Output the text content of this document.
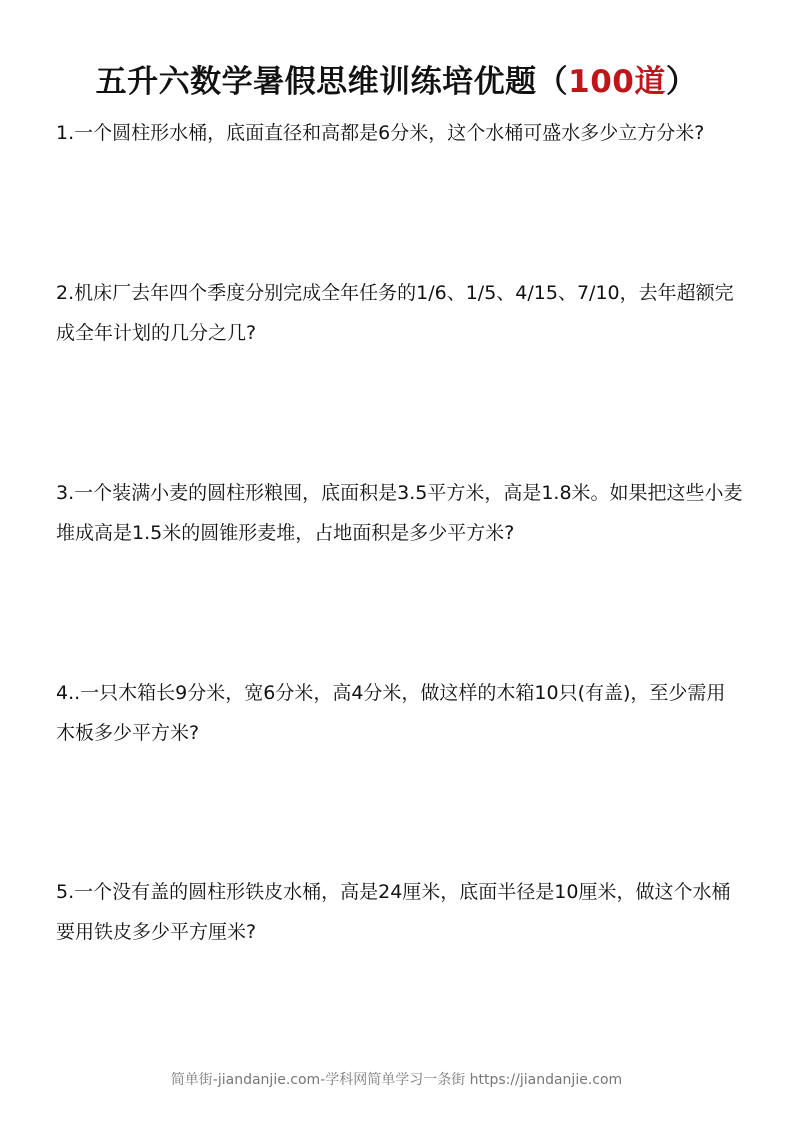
五升六数学暑假思维训练培优题（100道）
1.一个圆柱形水桶，底面直径和高都是6分米，这个水桶可盛水多少立方分米?
2.机床厂去年四个季度分别完成全年任务的1/6、1/5、4/15、7/10，去年超额完成全年计划的几分之几?
3.一个装满小麦的圆柱形粮囤，底面积是3.5平方米，高是1.8米。如果把这些小麦堆成高是1.5米的圆锥形麦堆，占地面积是多少平方米?
4..一只木箱长9分米，宽6分米，高4分米，做这样的木箱10只(有盖)，至少需用木板多少平方米?
5.一个没有盖的圆柱形铁皮水桶，高是24厘米，底面半径是10厘米，做这个水桶要用铁皮多少平方厘米?
简单街-jiandanjie.com-学科网简单学习一条街 https://jiandanjie.com
